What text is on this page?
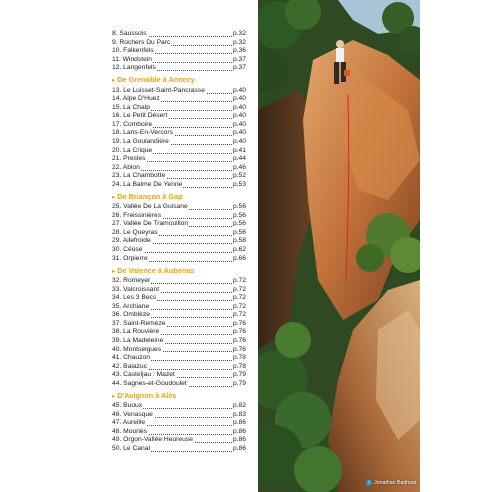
8. Saussois	p.32
9. Rochers Du Parc	p.32
10. Falkenfels	p.36
11. Windstein	p.37
12. Langenfels	p.37
▸ De Grenoble à Annecy
13. Le Luisset-Saint-Pancrasse	p.40
14. Alpe D'Huez	p.40
15. La Chalp	p.40
16. Le Petit Désert	p.40
17. Comboire	p.40
18. Lans-En-Vercors	p.40
19. La Goulandière	p.40
20. La Crique	p.41
21. Presles	p.44
22. Ablon	p.46
23. La Chambotte	p.52
24. La Balme De Yenne	p.53
▸ De Briançon à Gap
25. Vallée De La Guisane	p.56
26. Freissinières	p.56
27. Vallée De Tramouillon	p.56
28. Le Queyras	p.56
29. Ailefroide	p.58
30. Céüse	p.62
31. Orpierre	p.66
▸ De Valence à Aubenas
32. Romeyer	p.72
33. Valcroissant	p.72
34. Les 3 Becs	p.72
35. Archiane	p.72
36. Omblèze	p.72
37. Saint-Remèze	p.76
38. La Rouvière	p.76
39. La Madeleine	p.76
40. Montselgues	p.76
41. Chauzon	p.78
42. Balazuc	p.78
43. Casteljau : Mazet	p.79
44. Sagnes-et-Goudoulet	p.79
▸ D'Avignon à Alès
45. Buoux	p.82
46. Venasque	p.83
47. Aureille	p.86
48. Mouriès	p.86
49. Orgon-Vallée Heureuse	p.86
50. Le Canal	p.86
© Jonathan Barjhost
